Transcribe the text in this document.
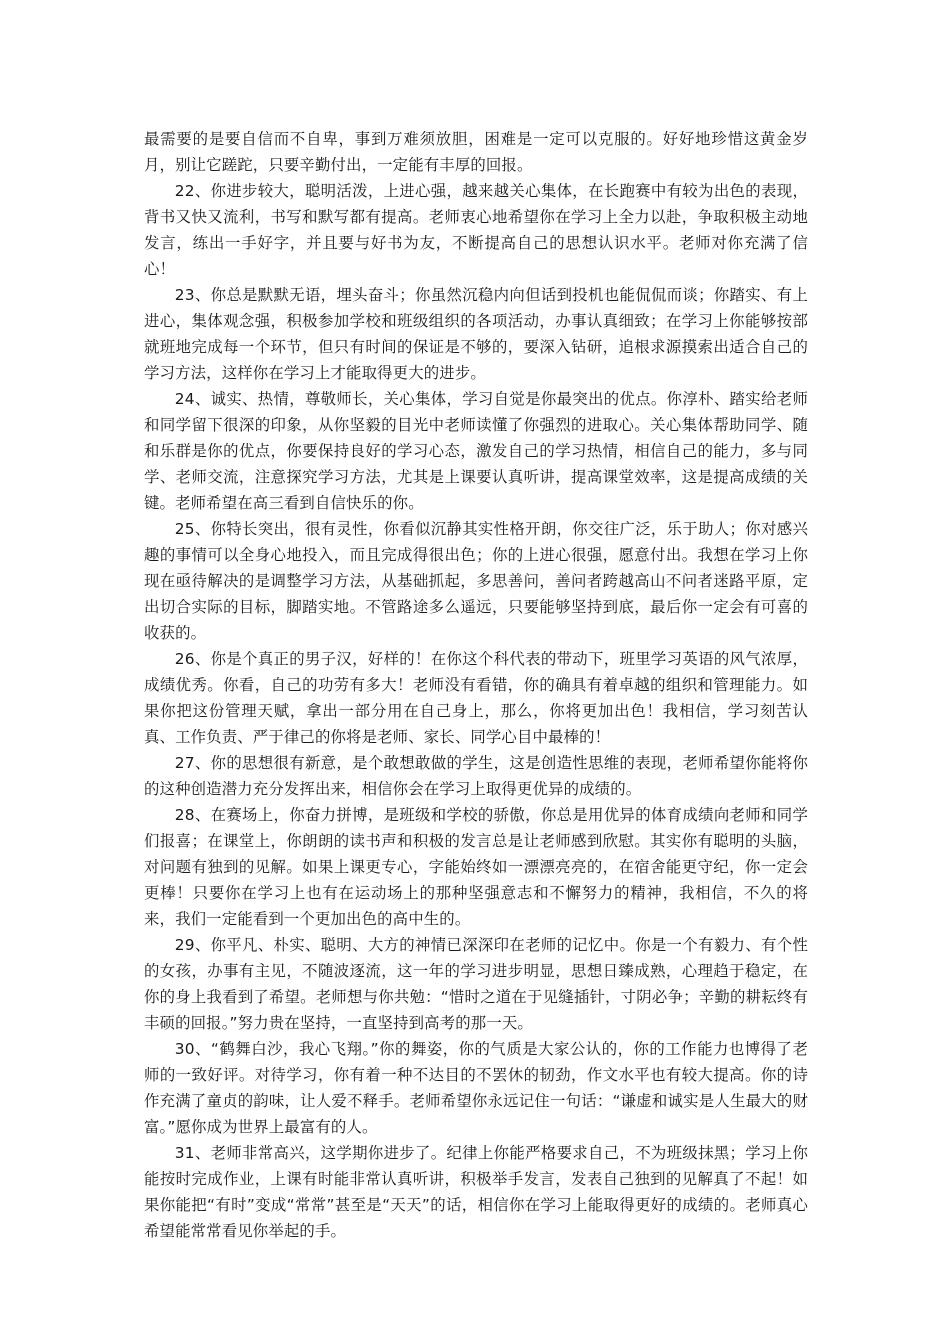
最需要的是要自信而不自卑，事到万难须放胆，困难是一定可以克服的。好好地珍惜这黄金岁月，别让它蹉跎，只要辛勤付出，一定能有丰厚的回报。

22、你进步较大，聪明活泼，上进心强，越来越关心集体，在长跑赛中有较为出色的表现，背书又快又流利，书写和默写都有提高。老师衷心地希望你在学习上全力以赴，争取积极主动地发言，练出一手好字，并且要与好书为友，不断提高自己的思想认识水平。老师对你充满了信心！

23、你总是默默无语，埋头奋斗；你虽然沉稳内向但话到投机也能侃侃而谈；你踏实、有上进心，集体观念强，积极参加学校和班级组织的各项活动，办事认真细致；在学习上你能够按部就班地完成每一个环节，但只有时间的保证是不够的，要深入钻研，追根求源摸索出适合自己的学习方法，这样你在学习上才能取得更大的进步。

24、诚实、热情，尊敬师长，关心集体，学习自觉是你最突出的优点。你淳朴、踏实给老师和同学留下很深的印象，从你坚毅的目光中老师读懂了你强烈的进取心。关心集体帮助同学、随和乐群是你的优点，你要保持良好的学习心态，激发自己的学习热情，相信自己的能力，多与同学、老师交流，注意探究学习方法，尤其是上课要认真听讲，提高课堂效率，这是提高成绩的关键。老师希望在高三看到自信快乐的你。

25、你特长突出，很有灵性，你看似沉静其实性格开朗，你交往广泛，乐于助人；你对感兴趣的事情可以全身心地投入，而且完成得很出色；你的上进心很强，愿意付出。我想在学习上你现在亟待解决的是调整学习方法，从基础抓起，多思善问，善问者跨越高山不问者迷路平原，定出切合实际的目标，脚踏实地。不管路途多么遥远，只要能够坚持到底，最后你一定会有可喜的收获的。

26、你是个真正的男子汉，好样的！在你这个科代表的带动下，班里学习英语的风气浓厚，成绩优秀。你看，自己的功劳有多大！老师没有看错，你的确具有着卓越的组织和管理能力。如果你把这份管理天赋，拿出一部分用在自己身上，那么，你将更加出色！我相信，学习刻苦认真、工作负责、严于律己的你将是老师、家长、同学心目中最棒的！

27、你的思想很有新意，是个敢想敢做的学生，这是创造性思维的表现，老师希望你能将你的这种创造潜力充分发挥出来，相信你会在学习上取得更优异的成绩的。

28、在赛场上，你奋力拼博，是班级和学校的骄傲，你总是用优异的体育成绩向老师和同学们报喜；在课堂上，你朗朗的读书声和积极的发言总是让老师感到欣慰。其实你有聪明的头脑，对问题有独到的见解。如果上课更专心，字能始终如一漂漂亮亮的，在宿舍能更守纪，你一定会更棒！只要你在学习上也有在运动场上的那种坚强意志和不懈努力的精神，我相信，不久的将来，我们一定能看到一个更加出色的高中生的。

29、你平凡、朴实、聪明、大方的神情已深深印在老师的记忆中。你是一个有毅力、有个性的女孩，办事有主见，不随波逐流，这一年的学习进步明显，思想日臻成熟，心理趋于稳定，在你的身上我看到了希望。老师想与你共勉：“惜时之道在于见缝插针，寸阴必争；辛勤的耕耘终有丰硕的回报。”努力贵在坚持，一直坚持到高考的那一天。

30、“鹤舞白沙，我心飞翔。”你的舞姿，你的气质是大家公认的，你的工作能力也博得了老师的一致好评。对待学习，你有着一种不达目的不罢休的韧劲，作文水平也有较大提高。你的诗作充满了童贞的韵味，让人爱不释手。老师希望你永远记住一句话：“谦虚和诚实是人生最大的财富。”愿你成为世界上最富有的人。

31、老师非常高兴，这学期你进步了。纪律上你能严格要求自己，不为班级抹黑；学习上你能按时完成作业，上课有时能非常认真听讲，积极举手发言，发表自己独到的见解真了不起！如果你能把“有时”变成“常常”甚至是“天天”的话，相信你在学习上能取得更好的成绩的。老师真心希望能常常看见你举起的手。
